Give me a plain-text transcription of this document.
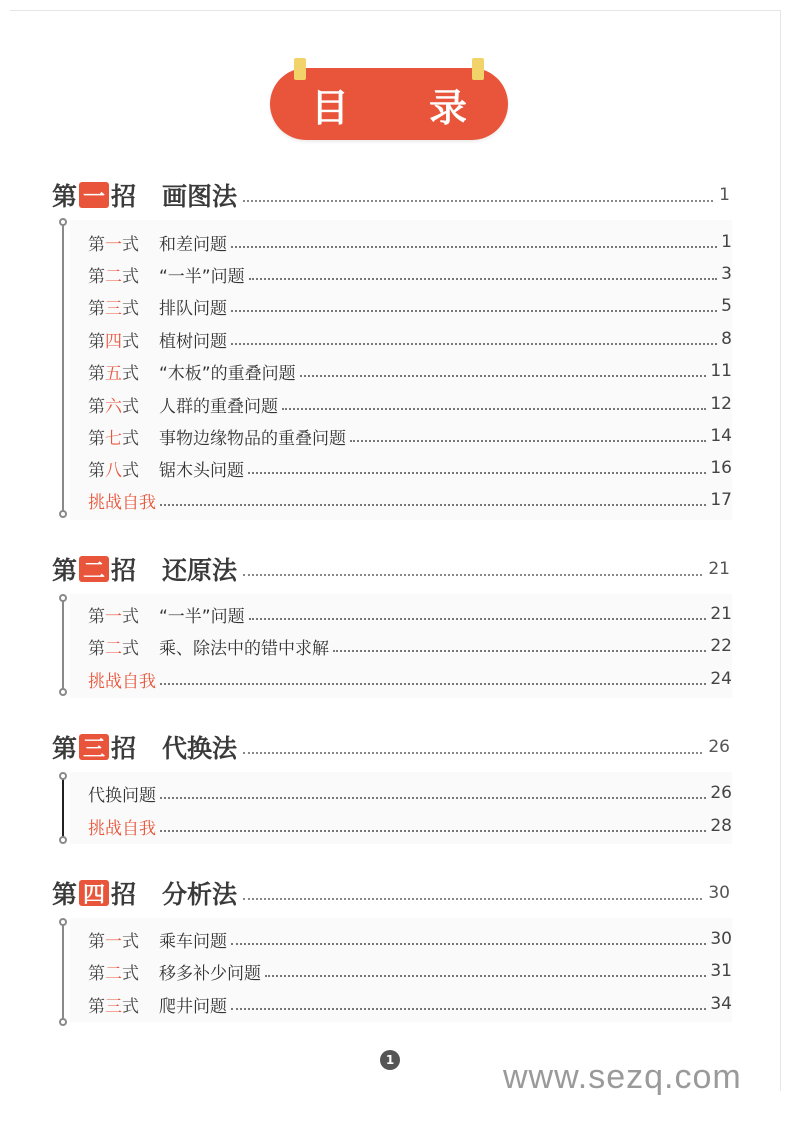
目 录
第 一 招 画图法	1
第 一 式 和差问题	1
第 二 式 “一半”问题	3
第 三 式 排队问题	5
第 四 式 植树问题	8
第 五 式 “木板”的重叠问题	11
第 六 式 人群的重叠问题	12
第 七 式 事物边缘物品的重叠问题	14
第 八 式 锯木头问题	16
挑战自我	17
第 二 招 还原法	21
第 一 式 “一半”问题	21
第 二 式 乘、除法中的错中求解	22
挑战自我	24
第 三 招 代换法	26
代换问题	26
挑战自我	28
第 四 招 分析法	30
第 一 式 乘车问题	30
第 二 式 移多补少问题	31
第 三 式 爬井问题	34
1	www.sezq.com
